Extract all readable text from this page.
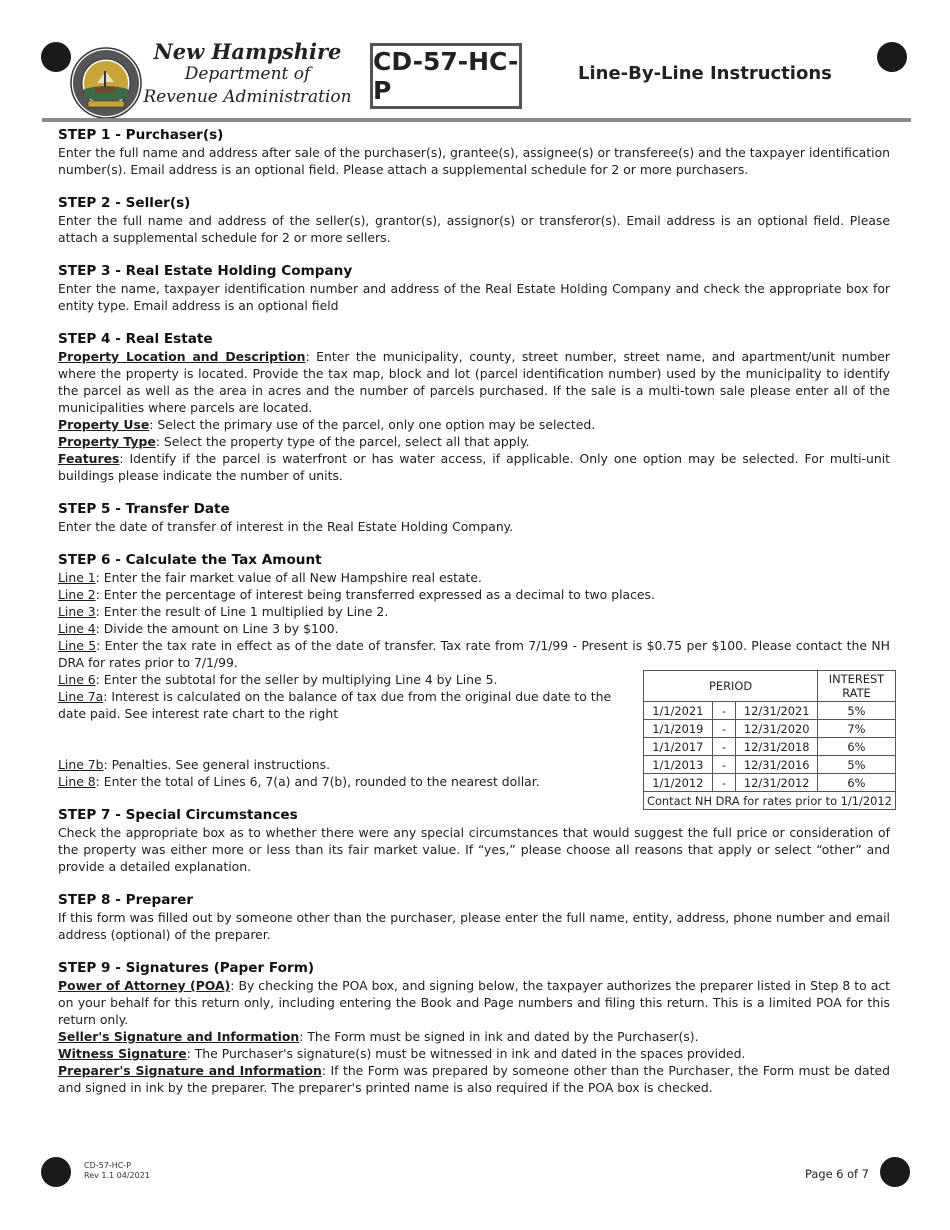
New Hampshire
Department of
Revenue Administration
CD-57-HC-P
Line-By-Line Instructions
STEP 1 - Purchaser(s)

Enter the full name and address after sale of the purchaser(s), grantee(s), assignee(s) or transferee(s) and the taxpayer identification number(s). Email address is an optional field. Please attach a supplemental schedule for 2 or more purchasers.

STEP 2 - Seller(s)

Enter the full name and address of the seller(s), grantor(s), assignor(s) or transferor(s). Email address is an optional field. Please attach a supplemental schedule for 2 or more sellers.

STEP 3 - Real Estate Holding Company

Enter the name, taxpayer identification number and address of the Real Estate Holding Company and check the appropriate box for entity type. Email address is an optional field

STEP 4 - Real Estate

Property Location and Description: Enter the municipality, county, street number, street name, and apartment/unit number where the property is located. Provide the tax map, block and lot (parcel identification number) used by the municipality to identify the parcel as well as the area in acres and the number of parcels purchased. If the sale is a multi-town sale please enter all of the municipalities where parcels are located.

Property Use: Select the primary use of the parcel, only one option may be selected.

Property Type: Select the property type of the parcel, select all that apply.

Features: Identify if the parcel is waterfront or has water access, if applicable. Only one option may be selected. For multi-unit buildings please indicate the number of units.

STEP 5 - Transfer Date

Enter the date of transfer of interest in the Real Estate Holding Company.

STEP 6 - Calculate the Tax Amount

Line 1: Enter the fair market value of all New Hampshire real estate.

Line 2: Enter the percentage of interest being transferred expressed as a decimal to two places.

Line 3: Enter the result of Line 1 multiplied by Line 2.

Line 4: Divide the amount on Line 3 by $100.

Line 5: Enter the tax rate in effect as of the date of transfer. Tax rate from 7/1/99 - Present is $0.75 per $100. Please contact the NH DRA for rates prior to 7/1/99.

Line 6: Enter the subtotal for the seller by multiplying Line 4 by Line 5.

Line 7a: Interest is calculated on the balance of tax due from the original due date to the date paid. See interest rate chart to the right

Line 7b: Penalties. See general instructions.

Line 8: Enter the total of Lines 6, 7(a) and 7(b), rounded to the nearest dollar.

STEP 7 - Special Circumstances

Check the appropriate box as to whether there were any special circumstances that would suggest the full price or consideration of the property was either more or less than its fair market value. If “yes,” please choose all reasons that apply or select “other” and provide a detailed explanation.

STEP 8 - Preparer

If this form was filled out by someone other than the purchaser, please enter the full name, entity, address, phone number and email address (optional) of the preparer.

STEP 9 - Signatures (Paper Form)

Power of Attorney (POA): By checking the POA box, and signing below, the taxpayer authorizes the preparer listed in Step 8 to act on your behalf for this return only, including entering the Book and Page numbers and filing this return. This is a limited POA for this return only.

Seller's Signature and Information: The Form must be signed in ink and dated by the Purchaser(s).

Witness Signature: The Purchaser's signature(s) must be witnessed in ink and dated in the spaces provided.

Preparer's Signature and Information: If the Form was prepared by someone other than the Purchaser, the Form must be dated and signed in ink by the preparer. The preparer's printed name is also required if the POA box is checked.

PERIOD			INTEREST
RATE
1/1/2021	-	12/31/2021	5%
1/1/2019	-	12/31/2020	7%
1/1/2017	-	12/31/2018	6%
1/1/2013	-	12/31/2016	5%
1/1/2012	-	12/31/2012	6%
Contact NH DRA for rates prior to 1/1/2012			
CD-57-HC-P
Rev 1.1 04/2021	Page 6 of 7
